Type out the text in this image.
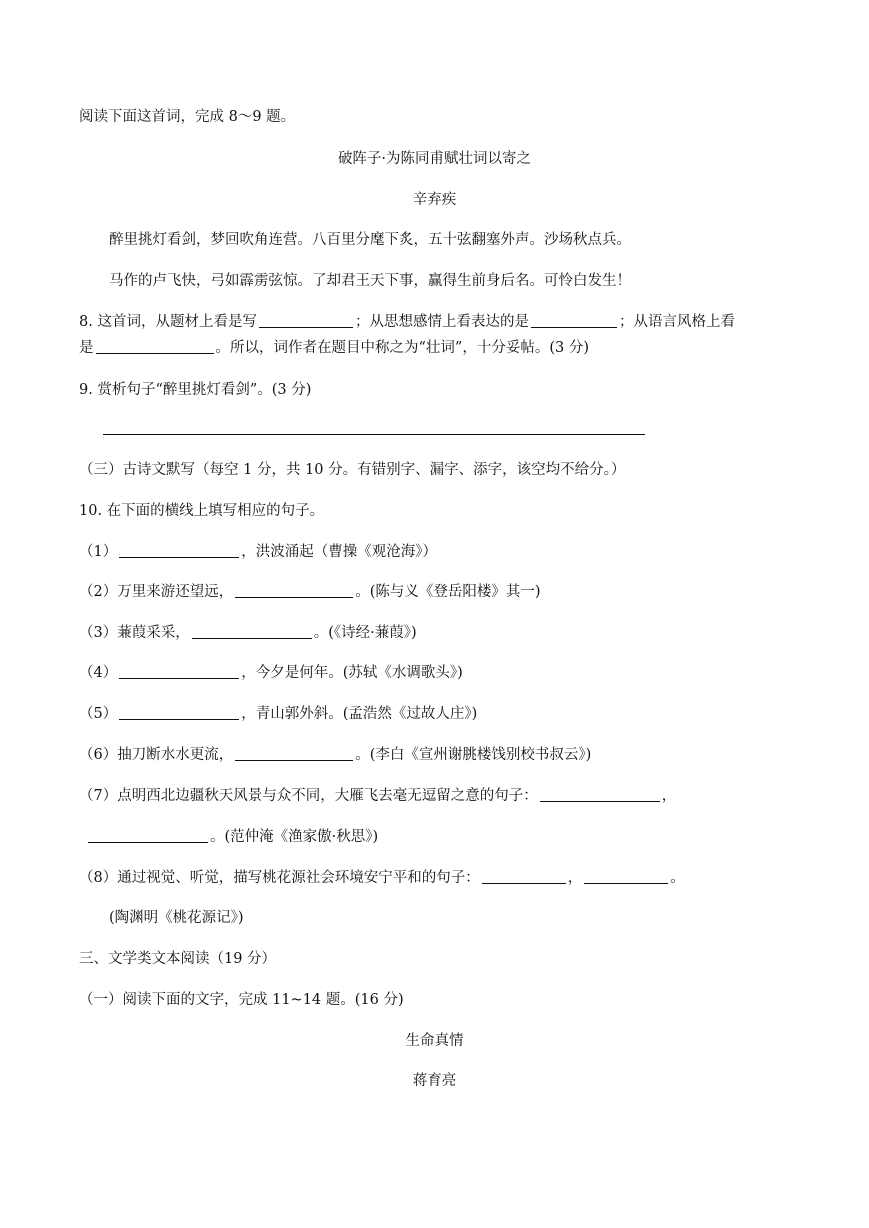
阅读下面这首词，完成 8～9 题。
破阵子·为陈同甫赋壮词以寄之
辛弃疾
醉里挑灯看剑，梦回吹角连营。八百里分麾下炙，五十弦翻塞外声。沙场秋点兵。
马作的卢飞快，弓如霹雳弦惊。了却君王天下事，赢得生前身后名。可怜白发生！
8. 这首词，从题材上看是写	；从思想感情上看表达的是	；从语言风格上看
是	。所以，词作者在题目中称之为“壮词”，十分妥帖。(3 分)
9. 赏析句子“醉里挑灯看剑”。(3 分)
（三）古诗文默写（每空 1 分，共 10 分。有错别字、漏字、添字，该空均不给分。）
10. 在下面的横线上填写相应的句子。
（1）	，洪波涌起（曹操《观沧海》）
（2）万里来游还望远，	。(陈与义《登岳阳楼》其一)
（3）蒹葭采采，	。(《诗经·蒹葭》)
（4）	，今夕是何年。(苏轼《水调歌头》)
（5）	，青山郭外斜。(孟浩然《过故人庄》)
（6）抽刀断水水更流，	。(李白《宣州谢朓楼饯别校书叔云》)
（7）点明西北边疆秋天风景与众不同，大雁飞去毫无逗留之意的句子：	，
。(范仲淹《渔家傲·秋思》)
（8）通过视觉、听觉，描写桃花源社会环境安宁平和的句子：	，	。
(陶渊明《桃花源记》)
三、文学类文本阅读（19 分）
（一）阅读下面的文字，完成 11~14 题。(16 分)
生命真情
蒋育亮
